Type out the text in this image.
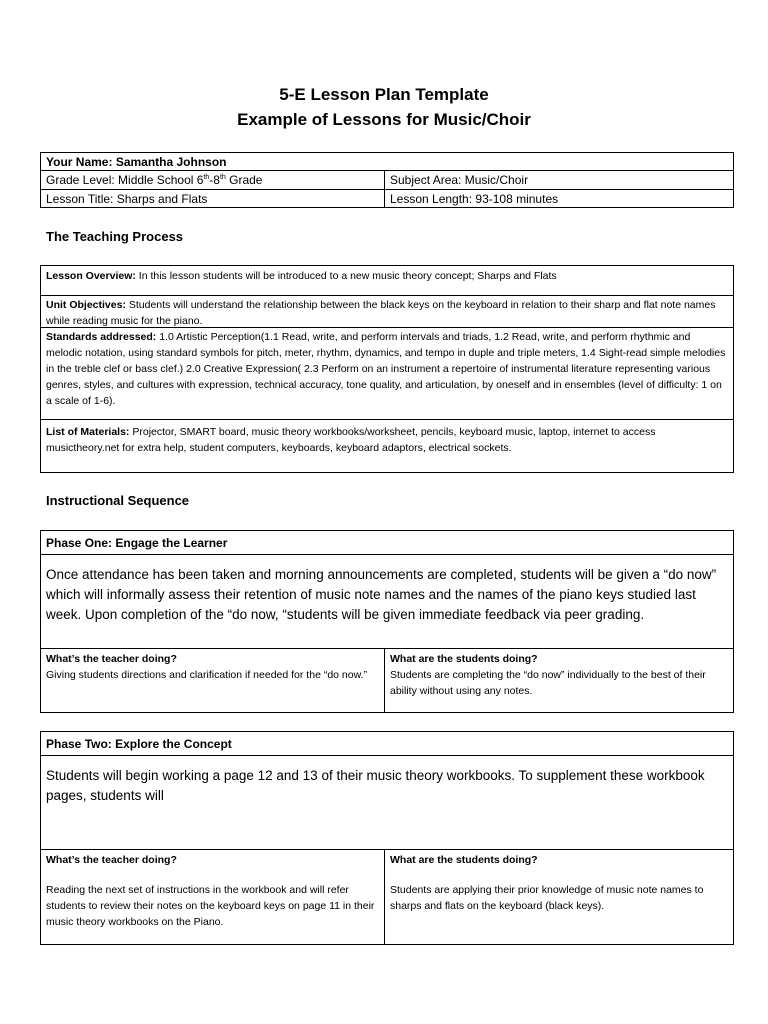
5-E Lesson Plan Template
Example of Lessons for Music/Choir
Your Name: Samantha Johnson
Grade Level: Middle School 6th-8th Grade	Subject Area: Music/Choir
Lesson Title: Sharps and Flats	Lesson Length: 93-108 minutes
The Teaching Process
Lesson Overview: In this lesson students will be introduced to a new music theory concept; Sharps and Flats
Unit Objectives: Students will understand the relationship between the black keys on the keyboard in relation to their sharp and flat note names while reading music for the piano.
Standards addressed: 1.0 Artistic Perception(1.1 Read, write, and perform intervals and triads, 1.2 Read, write, and perform rhythmic and melodic notation, using standard symbols for pitch, meter, rhythm, dynamics, and tempo in duple and triple meters, 1.4 Sight-read simple melodies in the treble clef or bass clef.) 2.0 Creative Expression( 2.3 Perform on an instrument a repertoire of instrumental literature representing various genres, styles, and cultures with expression, technical accuracy, tone quality, and articulation, by oneself and in ensembles (level of difficulty: 1 on a scale of 1-6).
List of Materials: Projector, SMART board, music theory workbooks/worksheet, pencils, keyboard music, laptop, internet to access musictheory.net for extra help, student computers, keyboards, keyboard adaptors, electrical sockets.
Instructional Sequence
Phase One: Engage the Learner
Once attendance has been taken and morning announcements are completed, students will be given a “do now” which will informally assess their retention of music note names and the names of the piano keys studied last week. Upon completion of the “do now, “students will be given immediate feedback via peer grading.
What’s the teacher doing?
Giving students directions and clarification if needed for the “do now.”
What are the students doing?
Students are completing the “do now” individually to the best of their ability without using any notes.
Phase Two: Explore the Concept
Students will begin working a page 12 and 13 of their music theory workbooks. To supplement these workbook pages, students will
What’s the teacher doing?
Reading the next set of instructions in the workbook and will refer students to review their notes on the keyboard keys on page 11 in their music theory workbooks on the Piano.
What are the students doing?
Students are applying their prior knowledge of music note names to sharps and flats on the keyboard (black keys).
